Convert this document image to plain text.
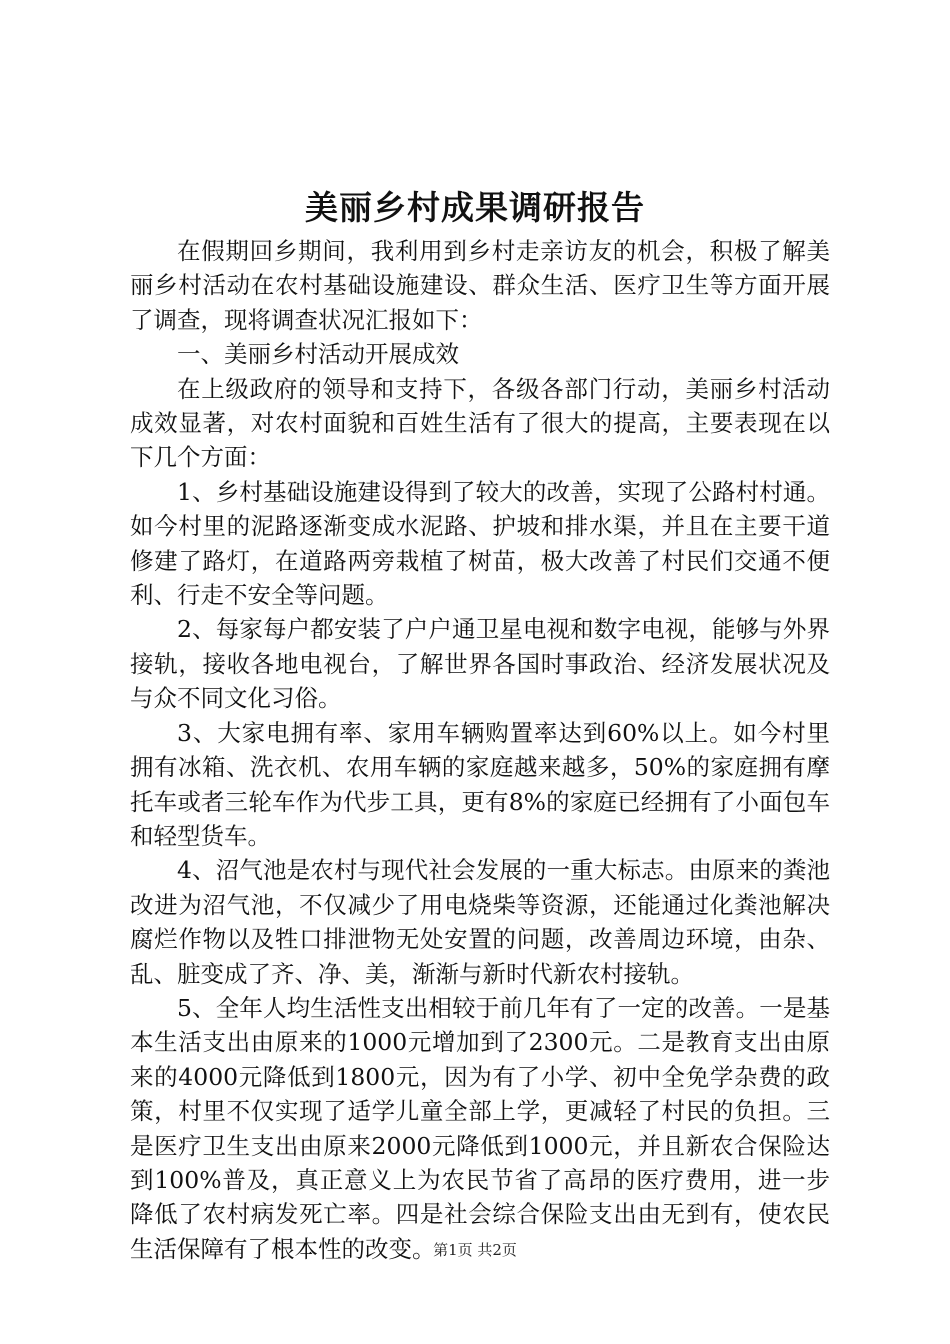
美丽乡村成果调研报告

在假期回乡期间，我利用到乡村走亲访友的机会，积极了解美丽乡村活动在农村基础设施建设、群众生活、医疗卫生等方面开展了调查，现将调查状况汇报如下：

一、美丽乡村活动开展成效

在上级政府的领导和支持下，各级各部门行动，美丽乡村活动成效显著，对农村面貌和百姓生活有了很大的提高，主要表现在以下几个方面：

1、乡村基础设施建设得到了较大的改善，实现了公路村村通。如今村里的泥路逐渐变成水泥路、护坡和排水渠，并且在主要干道修建了路灯，在道路两旁栽植了树苗，极大改善了村民们交通不便利、行走不安全等问题。

2、每家每户都安装了户户通卫星电视和数字电视，能够与外界接轨，接收各地电视台，了解世界各国时事政治、经济发展状况及与众不同文化习俗。

3、大家电拥有率、家用车辆购置率达到60%以上。如今村里拥有冰箱、洗衣机、农用车辆的家庭越来越多，50%的家庭拥有摩托车或者三轮车作为代步工具，更有8%的家庭已经拥有了小面包车和轻型货车。

4、沼气池是农村与现代社会发展的一重大标志。由原来的粪池改进为沼气池，不仅减少了用电烧柴等资源，还能通过化粪池解决腐烂作物以及牲口排泄物无处安置的问题，改善周边环境，由杂、乱、脏变成了齐、净、美，渐渐与新时代新农村接轨。

5、全年人均生活性支出相较于前几年有了一定的改善。一是基本生活支出由原来的1000元增加到了2300元。二是教育支出由原来的4000元降低到1800元，因为有了小学、初中全免学杂费的政策，村里不仅实现了适学儿童全部上学，更减轻了村民的负担。三是医疗卫生支出由原来2000元降低到1000元，并且新农合保险达到100%普及，真正意义上为农民节省了高昂的医疗费用，进一步降低了农村病发死亡率。四是社会综合保险支出由无到有，使农民生活保障有了根本性的改变。

第1页 共2页
